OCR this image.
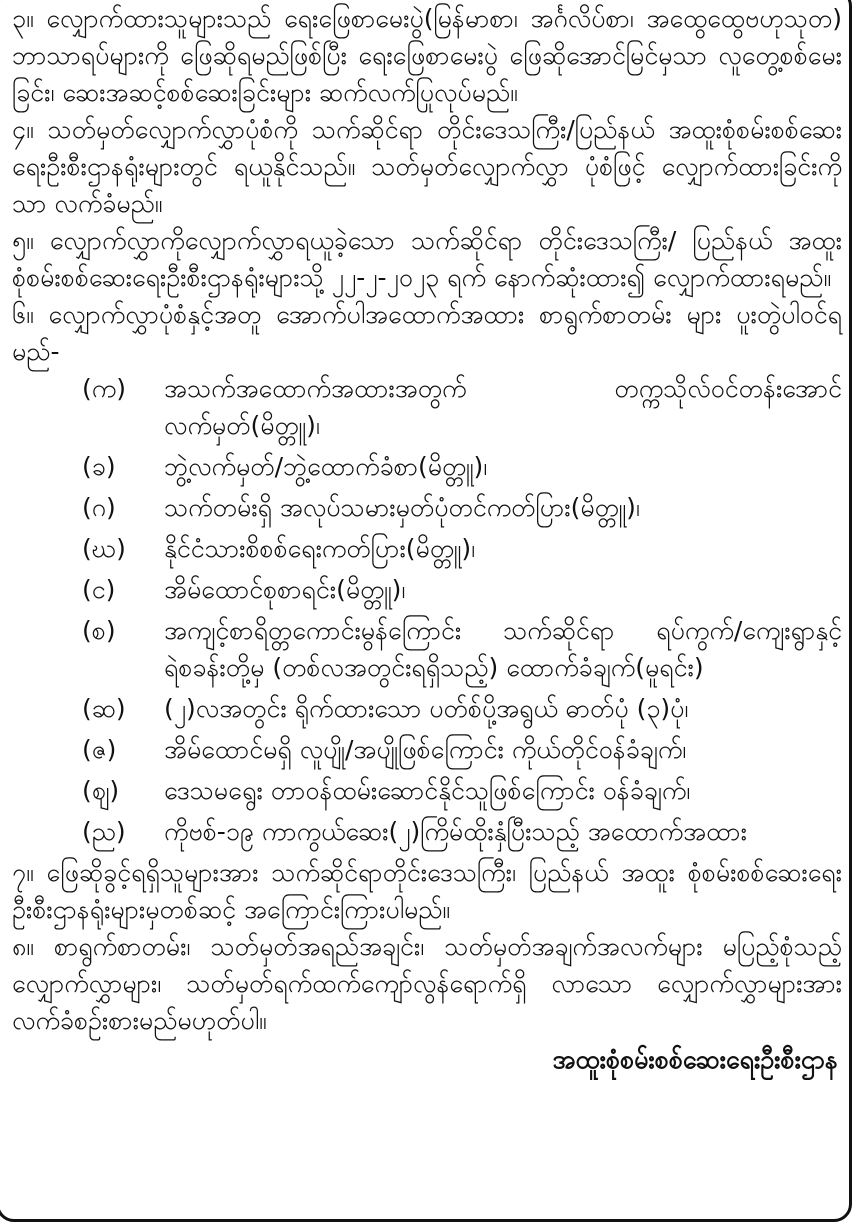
၃။ လျှောက်ထားသူများသည် ရေးဖြေစာမေးပွဲ(မြန်မာစာ၊ အင်္ဂလိပ်စာ၊ အထွေထွေဗဟုသုတ) ဘာသာရပ်များကို ဖြေဆိုရမည်ဖြစ်ပြီး ရေးဖြေစာမေးပွဲ ဖြေဆိုအောင်မြင်မှသာ လူတွေ့စစ်မေးခြင်း၊ ဆေးအဆင့်စစ်ဆေးခြင်းများ ဆက်လက်ပြုလုပ်မည်။

၄။ သတ်မှတ်လျှောက်လွှာပုံစံကို သက်ဆိုင်ရာ တိုင်းဒေသကြီး/ပြည်နယ် အထူးစုံစမ်းစစ်ဆေးရေးဦးစီးဌာနရုံးများတွင် ရယူနိုင်သည်။ သတ်မှတ်လျှောက်လွှာ ပုံစံဖြင့် လျှောက်ထားခြင်းကိုသာ လက်ခံမည်။

၅။ လျှောက်လွှာကိုလျှောက်လွှာရယူခဲ့သော သက်ဆိုင်ရာ တိုင်းဒေသကြီး/ ပြည်နယ် အထူးစုံစမ်းစစ်ဆေးရေးဦးစီးဌာနရုံးများသို့ ၂၂-၂-၂၀၂၃ ရက် နောက်ဆုံးထား၍ လျှောက်ထားရမည်။

၆။ လျှောက်လွှာပုံစံနှင့်အတူ အောက်ပါအထောက်အထား စာရွက်စာတမ်း များ ပူးတွဲပါဝင်ရမည်-

(က)	အသက်အထောက်အထားအတွက် တက္ကသိုလ်ဝင်တန်းအောင် လက်မှတ်(မိတ္တူ)၊
(ခ)	ဘွဲ့လက်မှတ်/ဘွဲ့ထောက်ခံစာ(မိတ္တူ)၊
(ဂ)	သက်တမ်းရှိ အလုပ်သမားမှတ်ပုံတင်ကတ်ပြား(မိတ္တူ)၊
(ဃ)	နိုင်ငံသားစိစစ်ရေးကတ်ပြား(မိတ္တူ)၊
(င)	အိမ်ထောင်စုစာရင်း(မိတ္တူ)၊
(စ)	အကျင့်စာရိတ္တကောင်းမွန်ကြောင်း သက်ဆိုင်ရာ ရပ်ကွက်/ကျေးရွာနှင့် ရဲစခန်းတို့မှ (တစ်လအတွင်းရရှိသည့်) ထောက်ခံချက်(မူရင်း)
(ဆ)	(၂)လအတွင်း ရိုက်ထားသော ပတ်စ်ပို့အရွယ် ဓာတ်ပုံ (၃)ပုံ၊
(ဇ)	အိမ်ထောင်မရှိ လူပျို/အပျိုဖြစ်ကြောင်း ကိုယ်တိုင်ဝန်ခံချက်၊
(ဈ)	ဒေသမရွေး တာဝန်ထမ်းဆောင်နိုင်သူဖြစ်ကြောင်း ဝန်ခံချက်၊
(ည)	ကိုဗစ်-၁၉ ကာကွယ်ဆေး(၂)ကြိမ်ထိုးနှံပြီးသည့် အထောက်အထား

၇။ ဖြေဆိုခွင့်ရရှိသူများအား သက်ဆိုင်ရာတိုင်းဒေသကြီး၊ ပြည်နယ် အထူး စုံစမ်းစစ်ဆေးရေးဦးစီးဌာနရုံးများမှတစ်ဆင့် အကြောင်းကြားပါမည်။

၈။ စာရွက်စာတမ်း၊ သတ်မှတ်အရည်အချင်း၊ သတ်မှတ်အချက်အလက်များ မပြည့်စုံသည့် လျှောက်လွှာများ၊ သတ်မှတ်ရက်ထက်ကျော်လွန်ရောက်ရှိ လာသော လျှောက်လွှာများအား လက်ခံစဉ်းစားမည်မဟုတ်ပါ။

အထူးစုံစမ်းစစ်ဆေးရေးဦးစီးဌာန
